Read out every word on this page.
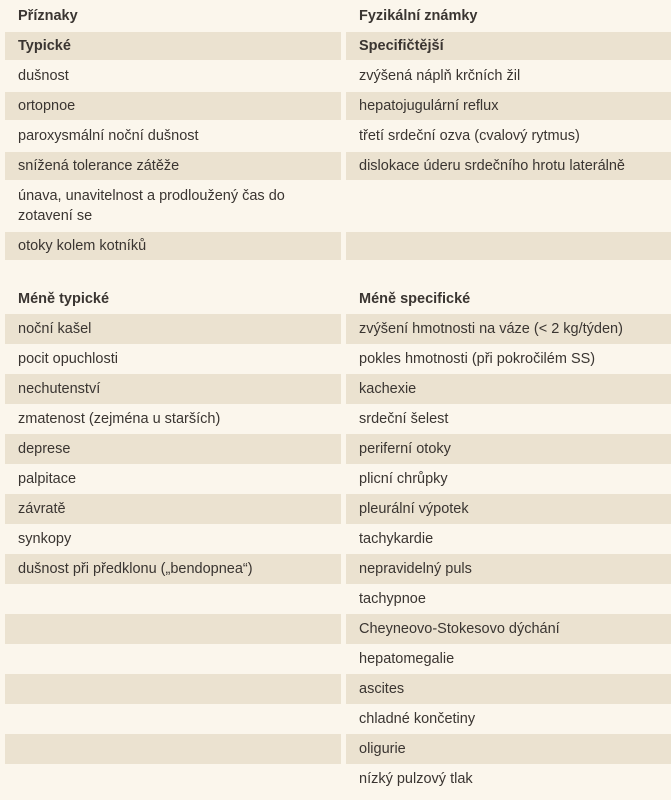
Příznaky
Typické
dušnost
ortopnoe
paroxysmální noční dušnost
snížená tolerance zátěže
únava, unavitelnost a prodloužený čas do zotavení se
otoky kolem kotníků
Méně typické
noční kašel
pocit opuchlosti
nechutenství
zmatenost (zejména u starších)
deprese
palpitace
závratě
synkopy
dušnost při předklonu („bendopnea“)
Fyzikální známky
Specifičtější
zvýšená náplň krčních žil
hepatojugulární reflux
třetí srdeční ozva (cvalový rytmus)
dislokace úderu srdečního hrotu laterálně
Méně specifické
zvýšení hmotnosti na váze (< 2 kg/týden)
pokles hmotnosti (při pokročilém SS)
kachexie
srdeční šelest
periferní otoky
plicní chrůpky
pleurální výpotek
tachykardie
nepravidelný puls
tachypnoe
Cheyneovo-Stokesovo dýchání
hepatomegalie
ascites
chladné končetiny
oligurie
nízký pulzový tlak
